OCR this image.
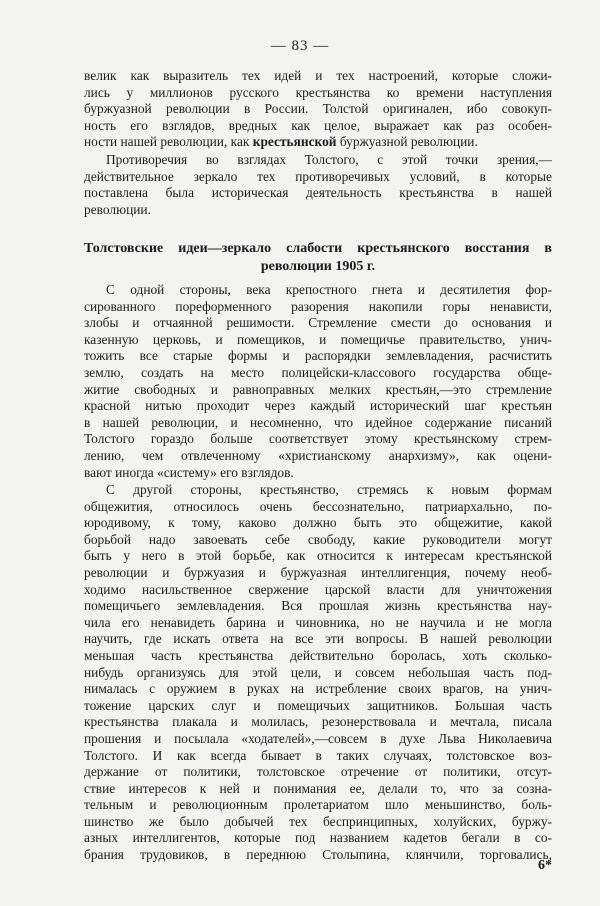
— 83 —
велик как выразитель тех идей и тех настроений, которые сложи-
лись у миллионов русского крестьянства ко времени наступления
буржуазной революции в России. Толстой оригинален, ибо совокуп-
ность его взглядов, вредных как целое, выражает как раз особен-
ности нашей революции, как крестьянской буржуазной революции.
Противоречия во взглядах Толстого, с этой точки зрения,—
действительное зеркало тех противоречивых условий, в которые
поставлена была историческая деятельность крестьянства в нашей
революции.
Толстовские идеи—зеркало слабости крестьянского восстания в
революции 1905 г.
С одной стороны, века крепостного гнета и десятилетия фор-
сированного пореформенного разорения накопили горы ненависти,
злобы и отчаянной решимости. Стремление смести до основания и
казенную церковь, и помещиков, и помещичье правительство, унич-
тожить все старые формы и распорядки землевладения, расчистить
землю, создать на место полицейски-классового государства обще-
житие свободных и равноправных мелких крестьян,—это стремление
красной нитью проходит через каждый исторический шаг крестьян
в нашей революции, и несомненно, что идейное содержание писаний
Толстого гораздо больше соответствует этому крестьянскому стрем-
лению, чем отвлеченному «христианскому анархизму», как оцени-
вают иногда «систему» его взглядов.
С другой стороны, крестьянство, стремясь к новым формам
общежития, относилось очень бессознательно, патриархально, по-
юродивому, к тому, каково должно быть это общежитие, какой
борьбой надо завоевать себе свободу, какие руководители могут
быть у него в этой борьбе, как относится к интересам крестьянской
революции и буржуазия и буржуазная интеллигенция, почему необ-
ходимо насильственное свержение царской власти для уничтожения
помещичьего землевладения. Вся прошлая жизнь крестьянства нау-
чила его ненавидеть барина и чиновника, но не научила и не могла
научить, где искать ответа на все эти вопросы. В нашей революции
меньшая часть крестьянства действительно боролась, хоть сколько-
нибудь организуясь для этой цели, и совсем небольшая часть под-
нималась с оружием в руках на истребление своих врагов, на унич-
тожение царских слуг и помещичьих защитников. Большая часть
крестьянства плакала и молилась, резонерствовала и мечтала, писала
прошения и посылала «ходателей»,—совсем в духе Льва Николаевича
Толстого. И как всегда бывает в таких случаях, толстовское воз-
держание от политики, толстовское отречение от политики, отсут-
ствие интересов к ней и понимания ее, делали то, что за созна-
тельным и революционным пролетариатом шло меньшинство, боль-
шинство же было добычей тех беспринципных, холуйских, буржу-
азных интеллигентов, которые под названием кадетов бегали в со-
брания трудовиков, в переднюю Столыпина, клянчили, торговались,
6*
